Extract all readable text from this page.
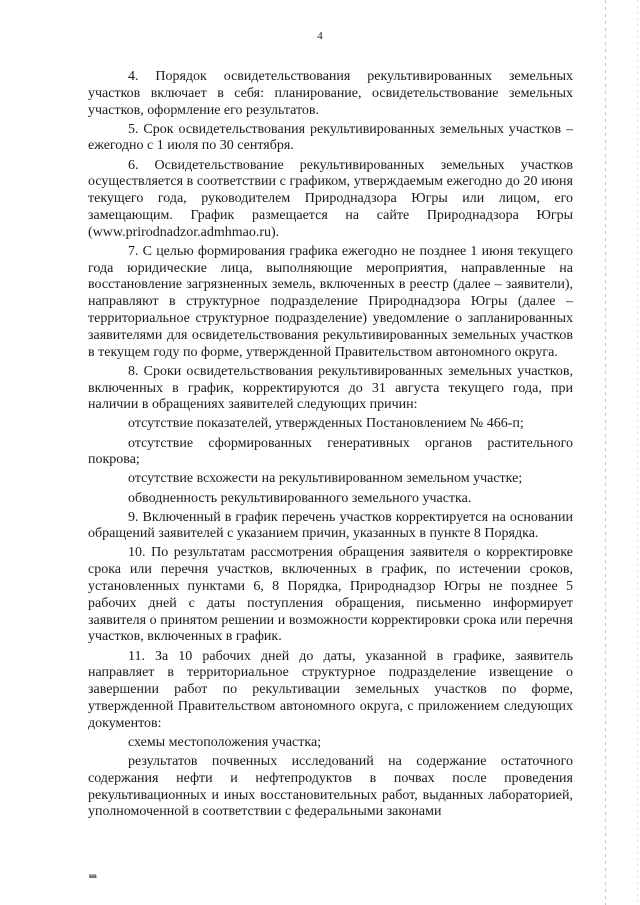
4

4. Порядок освидетельствования рекультивированных земельных участков включает в себя: планирование, освидетельствование земельных участков, оформление его результатов.

5. Срок освидетельствования рекультивированных земельных участков – ежегодно с 1 июля по 30 сентября.

6. Освидетельствование рекультивированных земельных участков осуществляется в соответствии с графиком, утверждаемым ежегодно до 20 июня текущего года, руководителем Природнадзора Югры или лицом, его замещающим. График размещается на сайте Природнадзора Югры (www.prirodnadzor.admhmao.ru).

7. С целью формирования графика ежегодно не позднее 1 июня текущего года юридические лица, выполняющие мероприятия, направленные на восстановление загрязненных земель, включенных в реестр (далее – заявители), направляют в структурное подразделение Природнадзора Югры (далее – территориальное структурное подразделение) уведомление о запланированных заявителями для освидетельствования рекультивированных земельных участков в текущем году по форме, утвержденной Правительством автономного округа.

8. Сроки освидетельствования рекультивированных земельных участков, включенных в график, корректируются до 31 августа текущего года, при наличии в обращениях заявителей следующих причин:

отсутствие показателей, утвержденных Постановлением № 466-п;

отсутствие сформированных генеративных органов растительного покрова;

отсутствие всхожести на рекультивированном земельном участке;

обводненность рекультивированного земельного участка.

9. Включенный в график перечень участков корректируется на основании обращений заявителей с указанием причин, указанных в пункте 8 Порядка.

10. По результатам рассмотрения обращения заявителя о корректировке срока или перечня участков, включенных в график, по истечении сроков, установленных пунктами 6, 8 Порядка, Природнадзор Югры не позднее 5 рабочих дней с даты поступления обращения, письменно информирует заявителя о принятом решении и возможности корректировки срока или перечня участков, включенных в график.

11. За 10 рабочих дней до даты, указанной в графике, заявитель направляет в территориальное структурное подразделение извещение о завершении работ по рекультивации земельных участков по форме, утвержденной Правительством автономного округа, с приложением следующих документов:

схемы местоположения участка;

результатов почвенных исследований на содержание остаточного содержания нефти и нефтепродуктов в почвах после проведения рекультивационных и иных восстановительных работ, выданных лабораторией, уполномоченной в соответствии с федеральными законами

нв
